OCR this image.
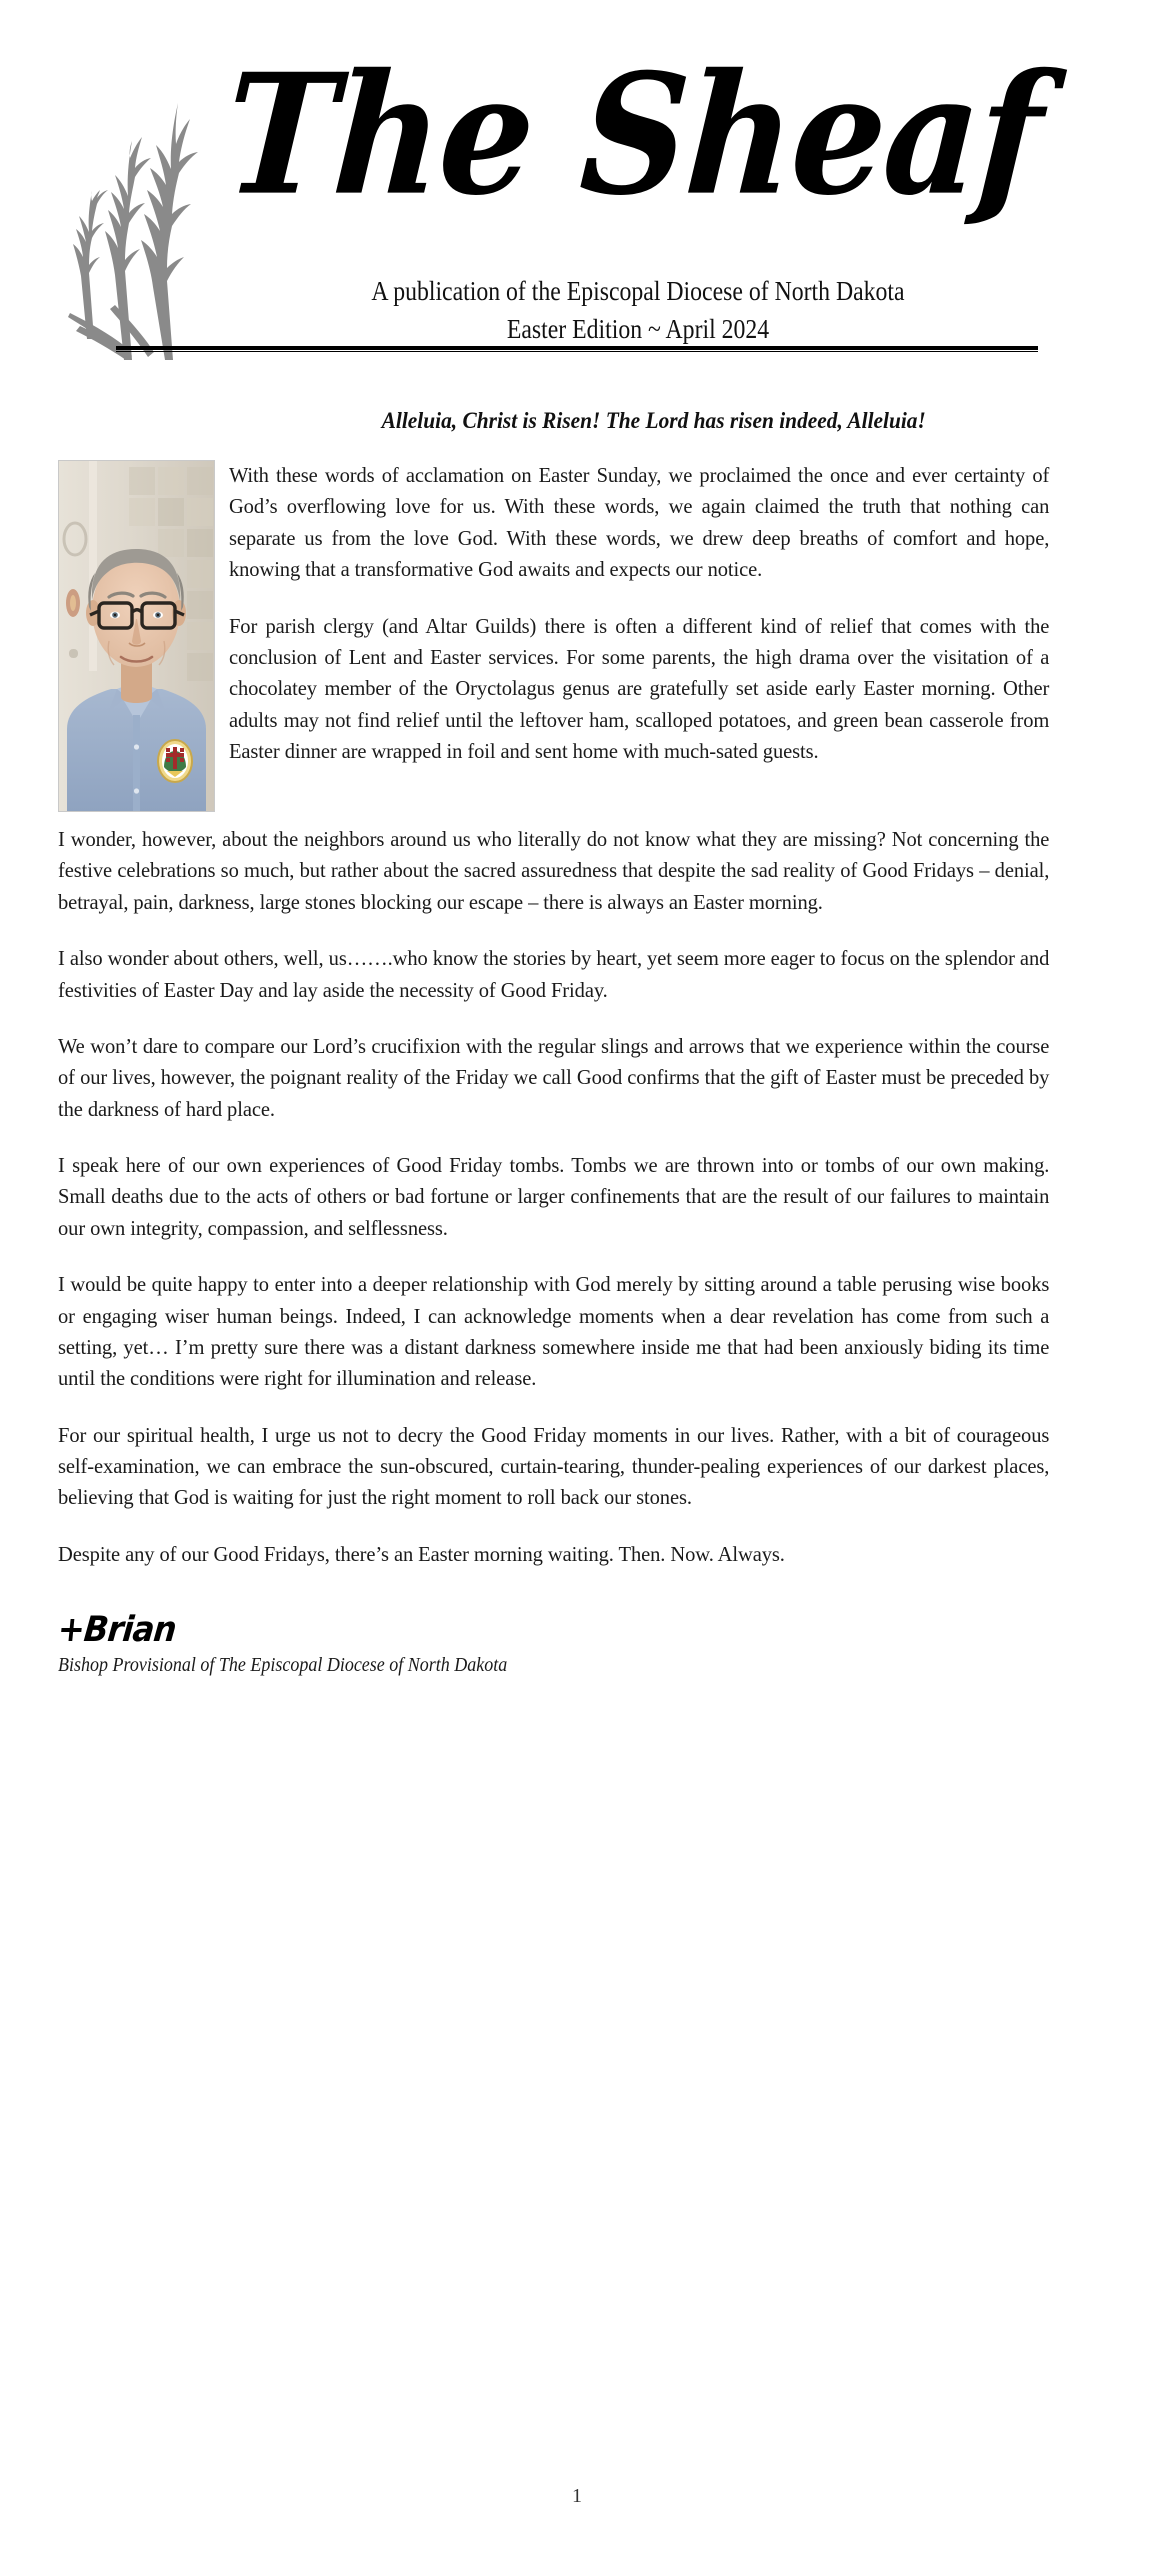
The Sheaf
A publication of the Episcopal Diocese of North Dakota
Easter Edition ~ April 2024
Alleluia, Christ is Risen! The Lord has risen indeed, Alleluia!

With these words of acclamation on Easter Sunday, we proclaimed the once and ever certainty of God’s overflowing love for us. With these words, we again claimed the truth that nothing can separate us from the love God. With these words, we drew deep breaths of comfort and hope, knowing that a transformative God awaits and expects our notice.

For parish clergy (and Altar Guilds) there is often a different kind of relief that comes with the conclusion of Lent and Easter services. For some parents, the high drama over the visitation of a chocolatey member of the Oryctolagus genus are gratefully set aside early Easter morning. Other adults may not find relief until the leftover ham, scalloped potatoes, and green bean casserole from Easter dinner are wrapped in foil and sent home with much-sated guests.

I wonder, however, about the neighbors around us who literally do not know what they are missing? Not concerning the festive celebrations so much, but rather about the sacred assuredness that despite the sad reality of Good Fridays – denial, betrayal, pain, darkness, large stones blocking our escape – there is always an Easter morning.

I also wonder about others, well, us…….who know the stories by heart, yet seem more eager to focus on the splendor and festivities of Easter Day and lay aside the necessity of Good Friday.

We won’t dare to compare our Lord’s crucifixion with the regular slings and arrows that we experience within the course of our lives, however, the poignant reality of the Friday we call Good confirms that the gift of Easter must be preceded by the darkness of hard place.

I speak here of our own experiences of Good Friday tombs. Tombs we are thrown into or tombs of our own making. Small deaths due to the acts of others or bad fortune or larger confinements that are the result of our failures to maintain our own integrity, compassion, and selflessness.

I would be quite happy to enter into a deeper relationship with God merely by sitting around a table perusing wise books or engaging wiser human beings. Indeed, I can acknowledge moments when a dear revelation has come from such a setting, yet… I’m pretty sure there was a distant darkness somewhere inside me that had been anxiously biding its time until the conditions were right for illumination and release.

For our spiritual health, I urge us not to decry the Good Friday moments in our lives. Rather, with a bit of courageous self-examination, we can embrace the sun-obscured, curtain-tearing, thunder-pealing experiences of our darkest places, believing that God is waiting for just the right moment to roll back our stones.

Despite any of our Good Fridays, there’s an Easter morning waiting. Then. Now. Always.

+Brian
Bishop Provisional of The Episcopal Diocese of North Dakota
1
